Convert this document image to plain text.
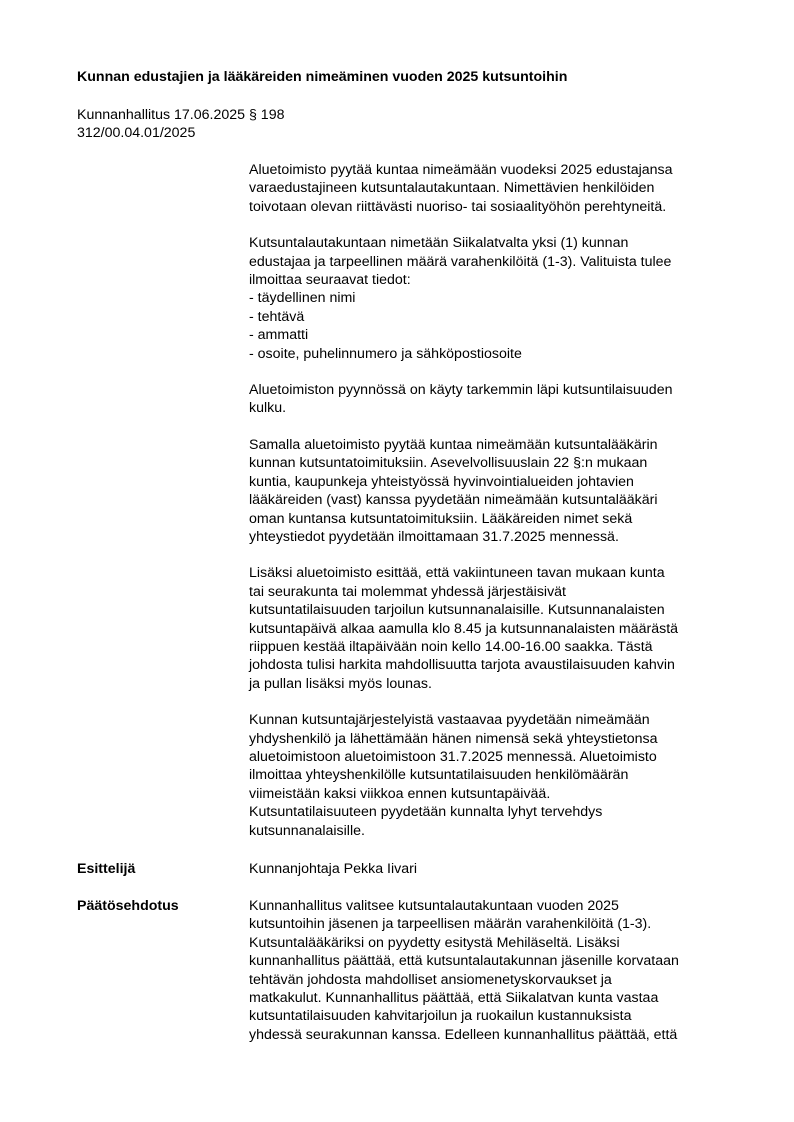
Kunnan edustajien ja lääkäreiden nimeäminen vuoden 2025 kutsuntoihin
Kunnanhallitus 17.06.2025 § 198
312/00.04.01/2025
Aluetoimisto pyytää kuntaa nimeämään vuodeksi 2025 edustajansa
varaedustajineen kutsuntalautakuntaan. Nimettävien henkilöiden
toivotaan olevan riittävästi nuoriso- tai sosiaalityöhön perehtyneitä.
Kutsuntalautakuntaan nimetään Siikalatvalta yksi (1) kunnan
edustajaa ja tarpeellinen määrä varahenkilöitä (1-3). Valituista tulee
ilmoittaa seuraavat tiedot:
- täydellinen nimi
- tehtävä
- ammatti
- osoite, puhelinnumero ja sähköpostiosoite
Aluetoimiston pyynnössä on käyty tarkemmin läpi kutsuntilaisuuden
kulku.
Samalla aluetoimisto pyytää kuntaa nimeämään kutsuntalääkärin
kunnan kutsuntatoimituksiin. Asevelvollisuuslain 22 §:n mukaan
kuntia, kaupunkeja yhteistyössä hyvinvointialueiden johtavien
lääkäreiden (vast) kanssa pyydetään nimeämään kutsuntalääkäri
oman kuntansa kutsuntatoimituksiin. Lääkäreiden nimet sekä
yhteystiedot pyydetään ilmoittamaan 31.7.2025 mennessä.
Lisäksi aluetoimisto esittää, että vakiintuneen tavan mukaan kunta
tai seurakunta tai molemmat yhdessä järjestäisivät
kutsuntatilaisuuden tarjoilun kutsunnanalaisille. Kutsunnanalaisten
kutsuntapäivä alkaa aamulla klo 8.45 ja kutsunnanalaisten määrästä
riippuen kestää iltapäivään noin kello 14.00-16.00 saakka. Tästä
johdosta tulisi harkita mahdollisuutta tarjota avaustilaisuuden kahvin
ja pullan lisäksi myös lounas.
Kunnan kutsuntajärjestelyistä vastaavaa pyydetään nimeämään
yhdyshenkilö ja lähettämään hänen nimensä sekä yhteystietonsa
aluetoimistoon aluetoimistoon 31.7.2025 mennessä. Aluetoimisto
ilmoittaa yhteyshenkilölle kutsuntatilaisuuden henkilömäärän
viimeistään kaksi viikkoa ennen kutsuntapäivää.
Kutsuntatilaisuuteen pyydetään kunnalta lyhyt tervehdys
kutsunnanalaisille.
Esittelijä	Kunnanjohtaja Pekka Iivari
Päätösehdotus	Kunnanhallitus valitsee kutsuntalautakuntaan vuoden 2025
kutsuntoihin jäsenen ja tarpeellisen määrän varahenkilöitä (1-3).
Kutsuntalääkäriksi on pyydetty esitystä Mehiläseltä. Lisäksi
kunnanhallitus päättää, että kutsuntalautakunnan jäsenille korvataan
tehtävän johdosta mahdolliset ansiomenetyskorvaukset ja
matkakulut. Kunnanhallitus päättää, että Siikalatvan kunta vastaa
kutsuntatilaisuuden kahvitarjoilun ja ruokailun kustannuksista
yhdessä seurakunnan kanssa. Edelleen kunnanhallitus päättää, että
